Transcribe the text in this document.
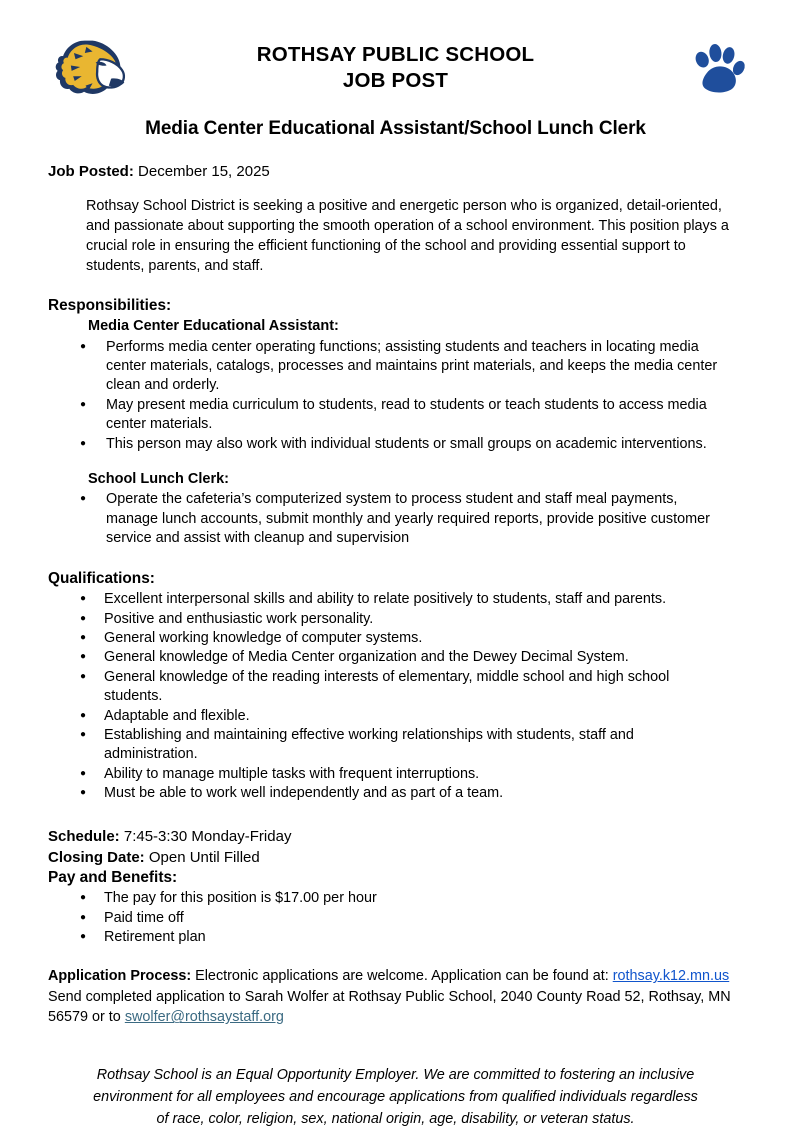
ROTHSAY PUBLIC SCHOOL
JOB POST
Media Center Educational Assistant/School Lunch Clerk
Job Posted: December 15, 2025

Rothsay School District is seeking a positive and energetic person who is organized, detail-oriented, and passionate about supporting the smooth operation of a school environment. This position plays a crucial role in ensuring the efficient functioning of the school and providing essential support to students, parents, and staff.

Responsibilities:
Media Center Educational Assistant:
● Performs media center operating functions; assisting students and teachers in locating media center materials, catalogs, processes and maintains print materials, and keeps the media center clean and orderly.
● May present media curriculum to students, read to students or teach students to access media center materials.
● This person may also work with individual students or small groups on academic interventions.
School Lunch Clerk:
● Operate the cafeteria’s computerized system to process student and staff meal payments, manage lunch accounts, submit monthly and yearly required reports, provide positive customer service and assist with cleanup and supervision
Qualifications:
● Excellent interpersonal skills and ability to relate positively to students, staff and parents.
● Positive and enthusiastic work personality.
● General working knowledge of computer systems.
● General knowledge of Media Center organization and the Dewey Decimal System.
● General knowledge of the reading interests of elementary, middle school and high school students.
● Adaptable and flexible.
● Establishing and maintaining effective working relationships with students, staff and administration.
● Ability to manage multiple tasks with frequent interruptions.
● Must be able to work well independently and as part of a team.
Schedule: 7:45-3:30 Monday-Friday
Closing Date: Open Until Filled
Pay and Benefits:
● The pay for this position is $17.00 per hour
● Paid time off
● Retirement plan
Application Process: Electronic applications are welcome. Application can be found at: rothsay.k12.mn.us
Send completed application to Sarah Wolfer at Rothsay Public School, 2040 County Road 52, Rothsay, MN 56579 or to swolfer@rothsaystaff.org
Rothsay School is an Equal Opportunity Employer. We are committed to fostering an inclusive environment for all employees and encourage applications from qualified individuals regardless of race, color, religion, sex, national origin, age, disability, or veteran status.
